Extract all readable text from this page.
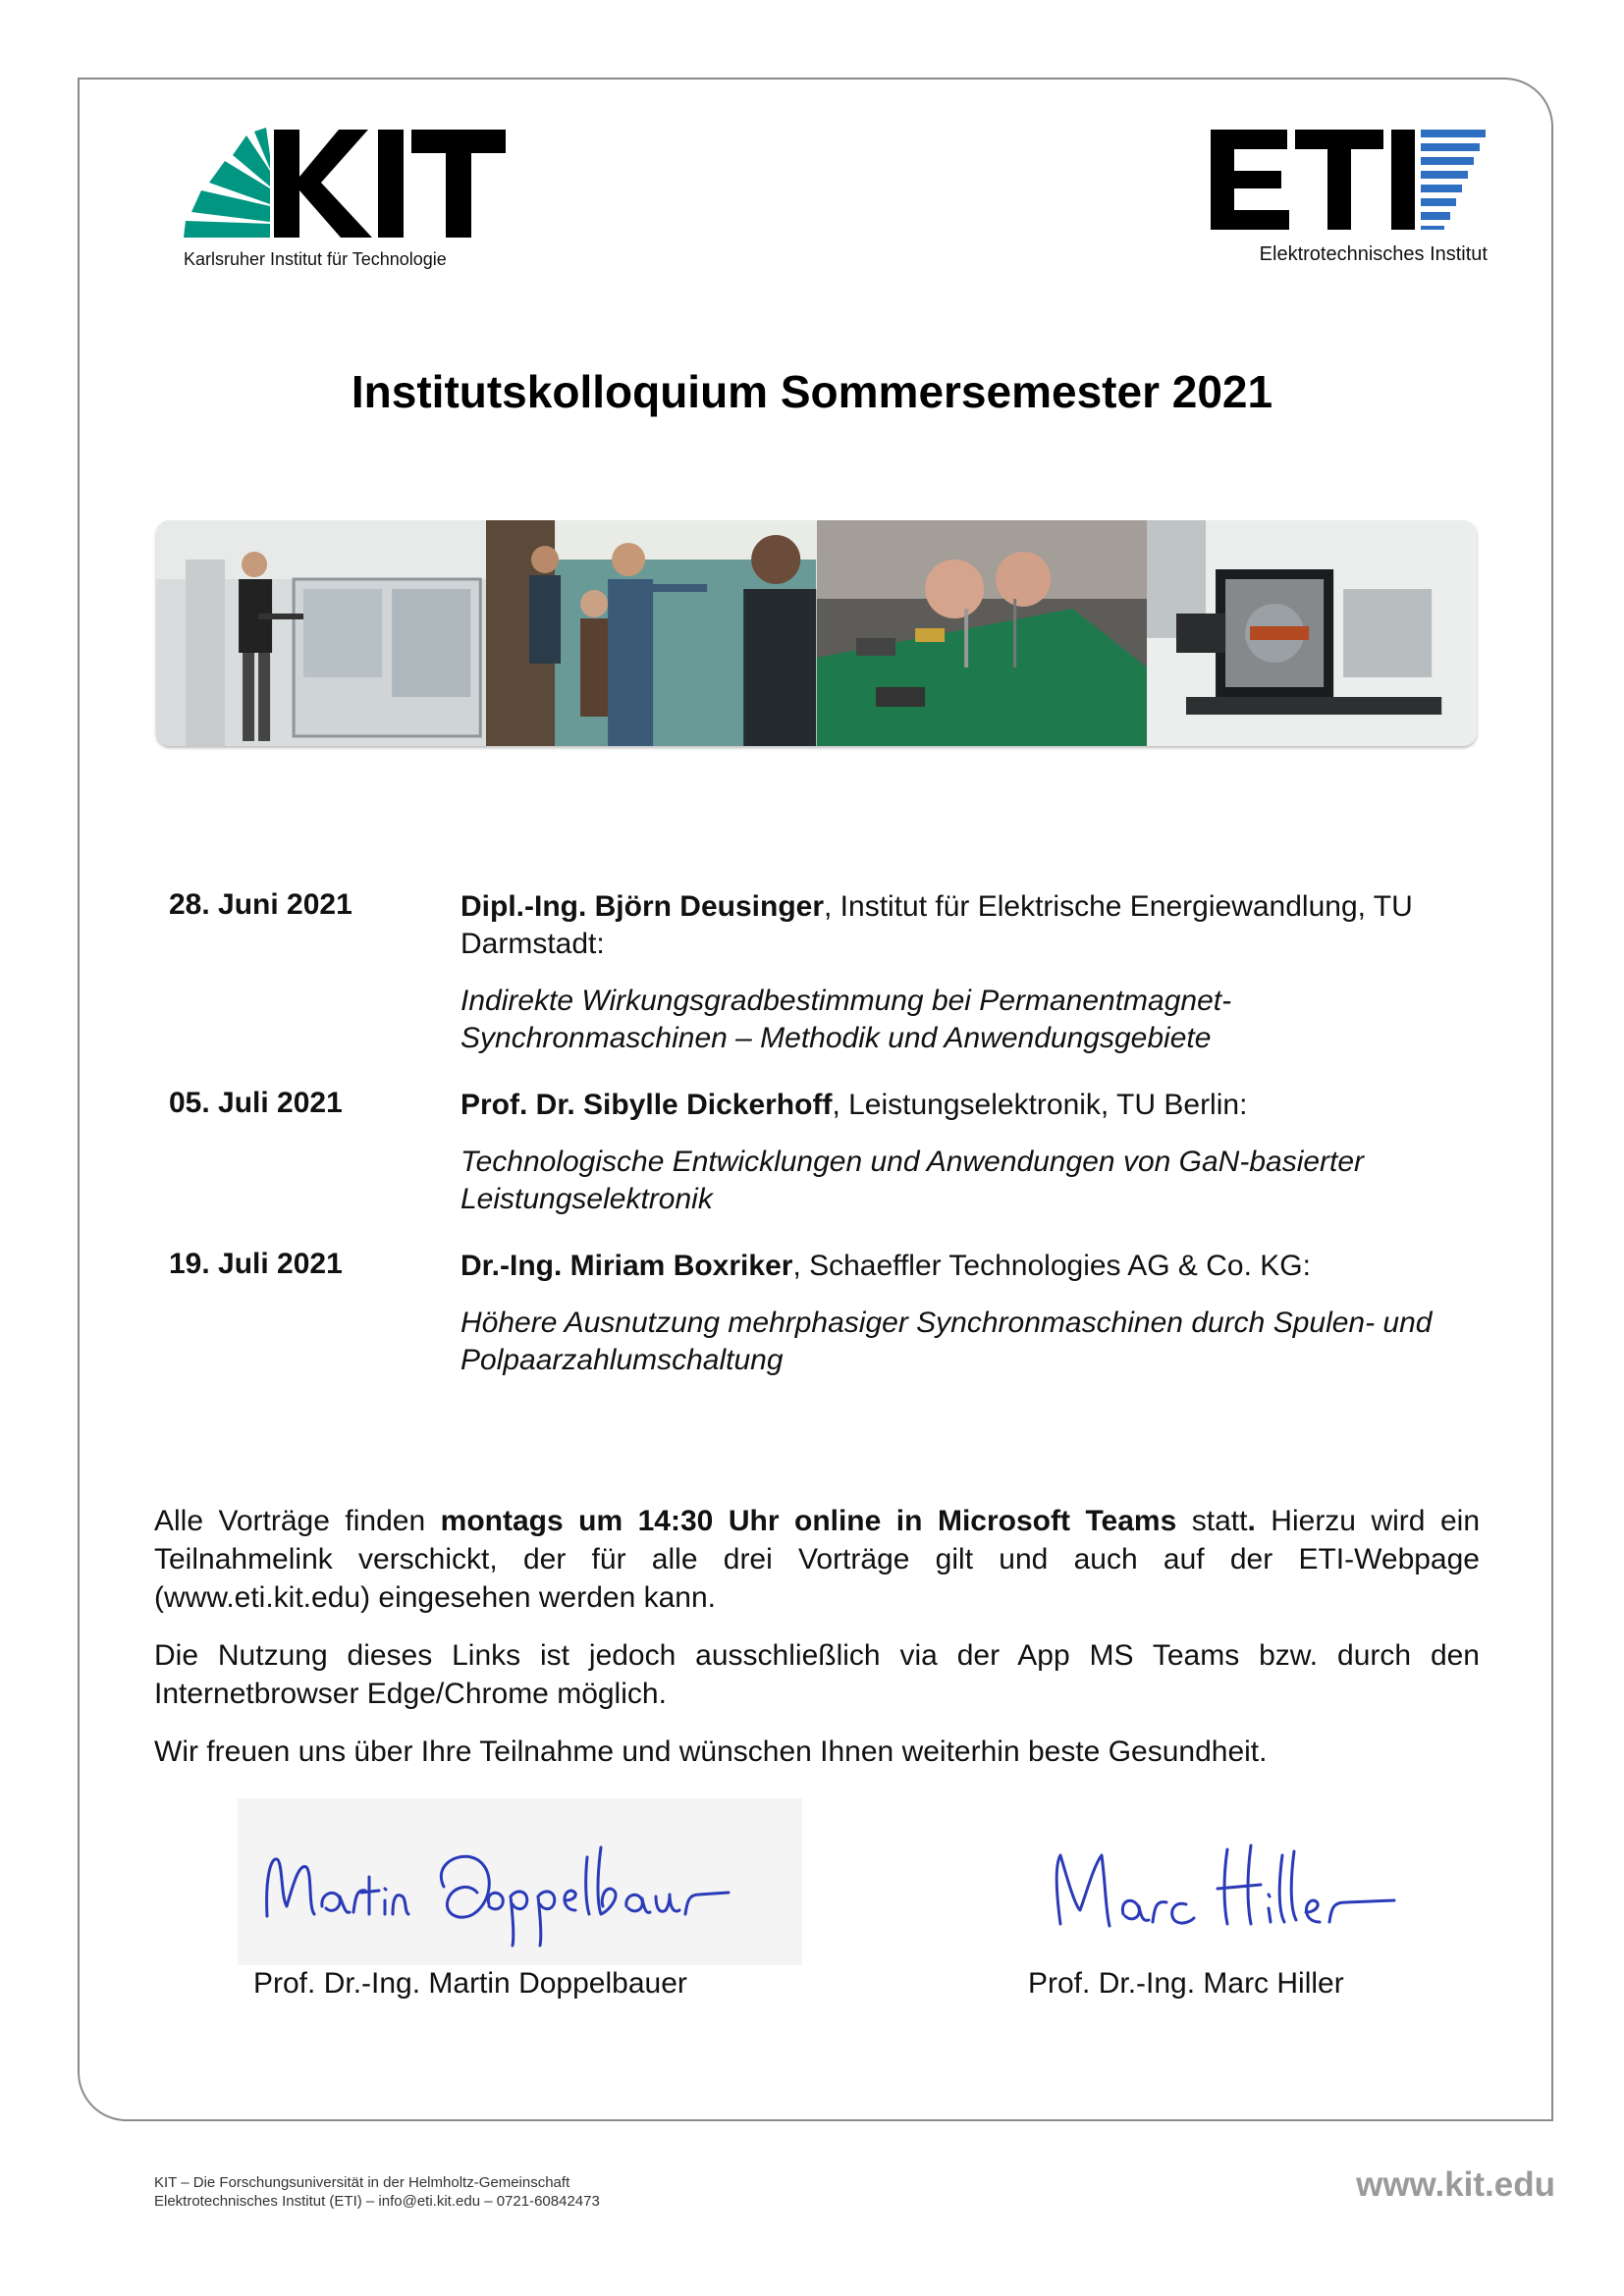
Karlsruher Institut für Technologie	Elektrotechnisches Institut
Institutskolloquium Sommersemester 2021
28. Juni 2021	Dipl.-Ing. Björn Deusinger, Institut für Elektrische Energiewandlung, TU Darmstadt:
Indirekte Wirkungsgradbestimmung bei Permanentmagnet-Synchronmaschinen – Methodik und Anwendungsgebiete
05. Juli 2021	Prof. Dr. Sibylle Dickerhoff, Leistungselektronik, TU Berlin:
Technologische Entwicklungen und Anwendungen von GaN-basierter Leistungselektronik
19. Juli 2021	Dr.-Ing. Miriam Boxriker, Schaeffler Technologies AG & Co. KG:
Höhere Ausnutzung mehrphasiger Synchronmaschinen durch Spulen- und Polpaarzahlumschaltung
Alle Vorträge finden montags um 14:30 Uhr online in Microsoft Teams statt. Hierzu wird ein Teilnahmelink verschickt, der für alle drei Vorträge gilt und auch auf der ETI-Webpage (www.eti.kit.edu) eingesehen werden kann.
Die Nutzung dieses Links ist jedoch ausschließlich via der App MS Teams bzw. durch den Internetbrowser Edge/Chrome möglich.
Wir freuen uns über Ihre Teilnahme und wünschen Ihnen weiterhin beste Gesundheit.
Prof. Dr.-Ing. Martin Doppelbauer	Prof. Dr.-Ing. Marc Hiller
KIT – Die Forschungsuniversität in der Helmholtz-Gemeinschaft
Elektrotechnisches Institut (ETI) – info@eti.kit.edu – 0721-60842473	www.kit.edu
